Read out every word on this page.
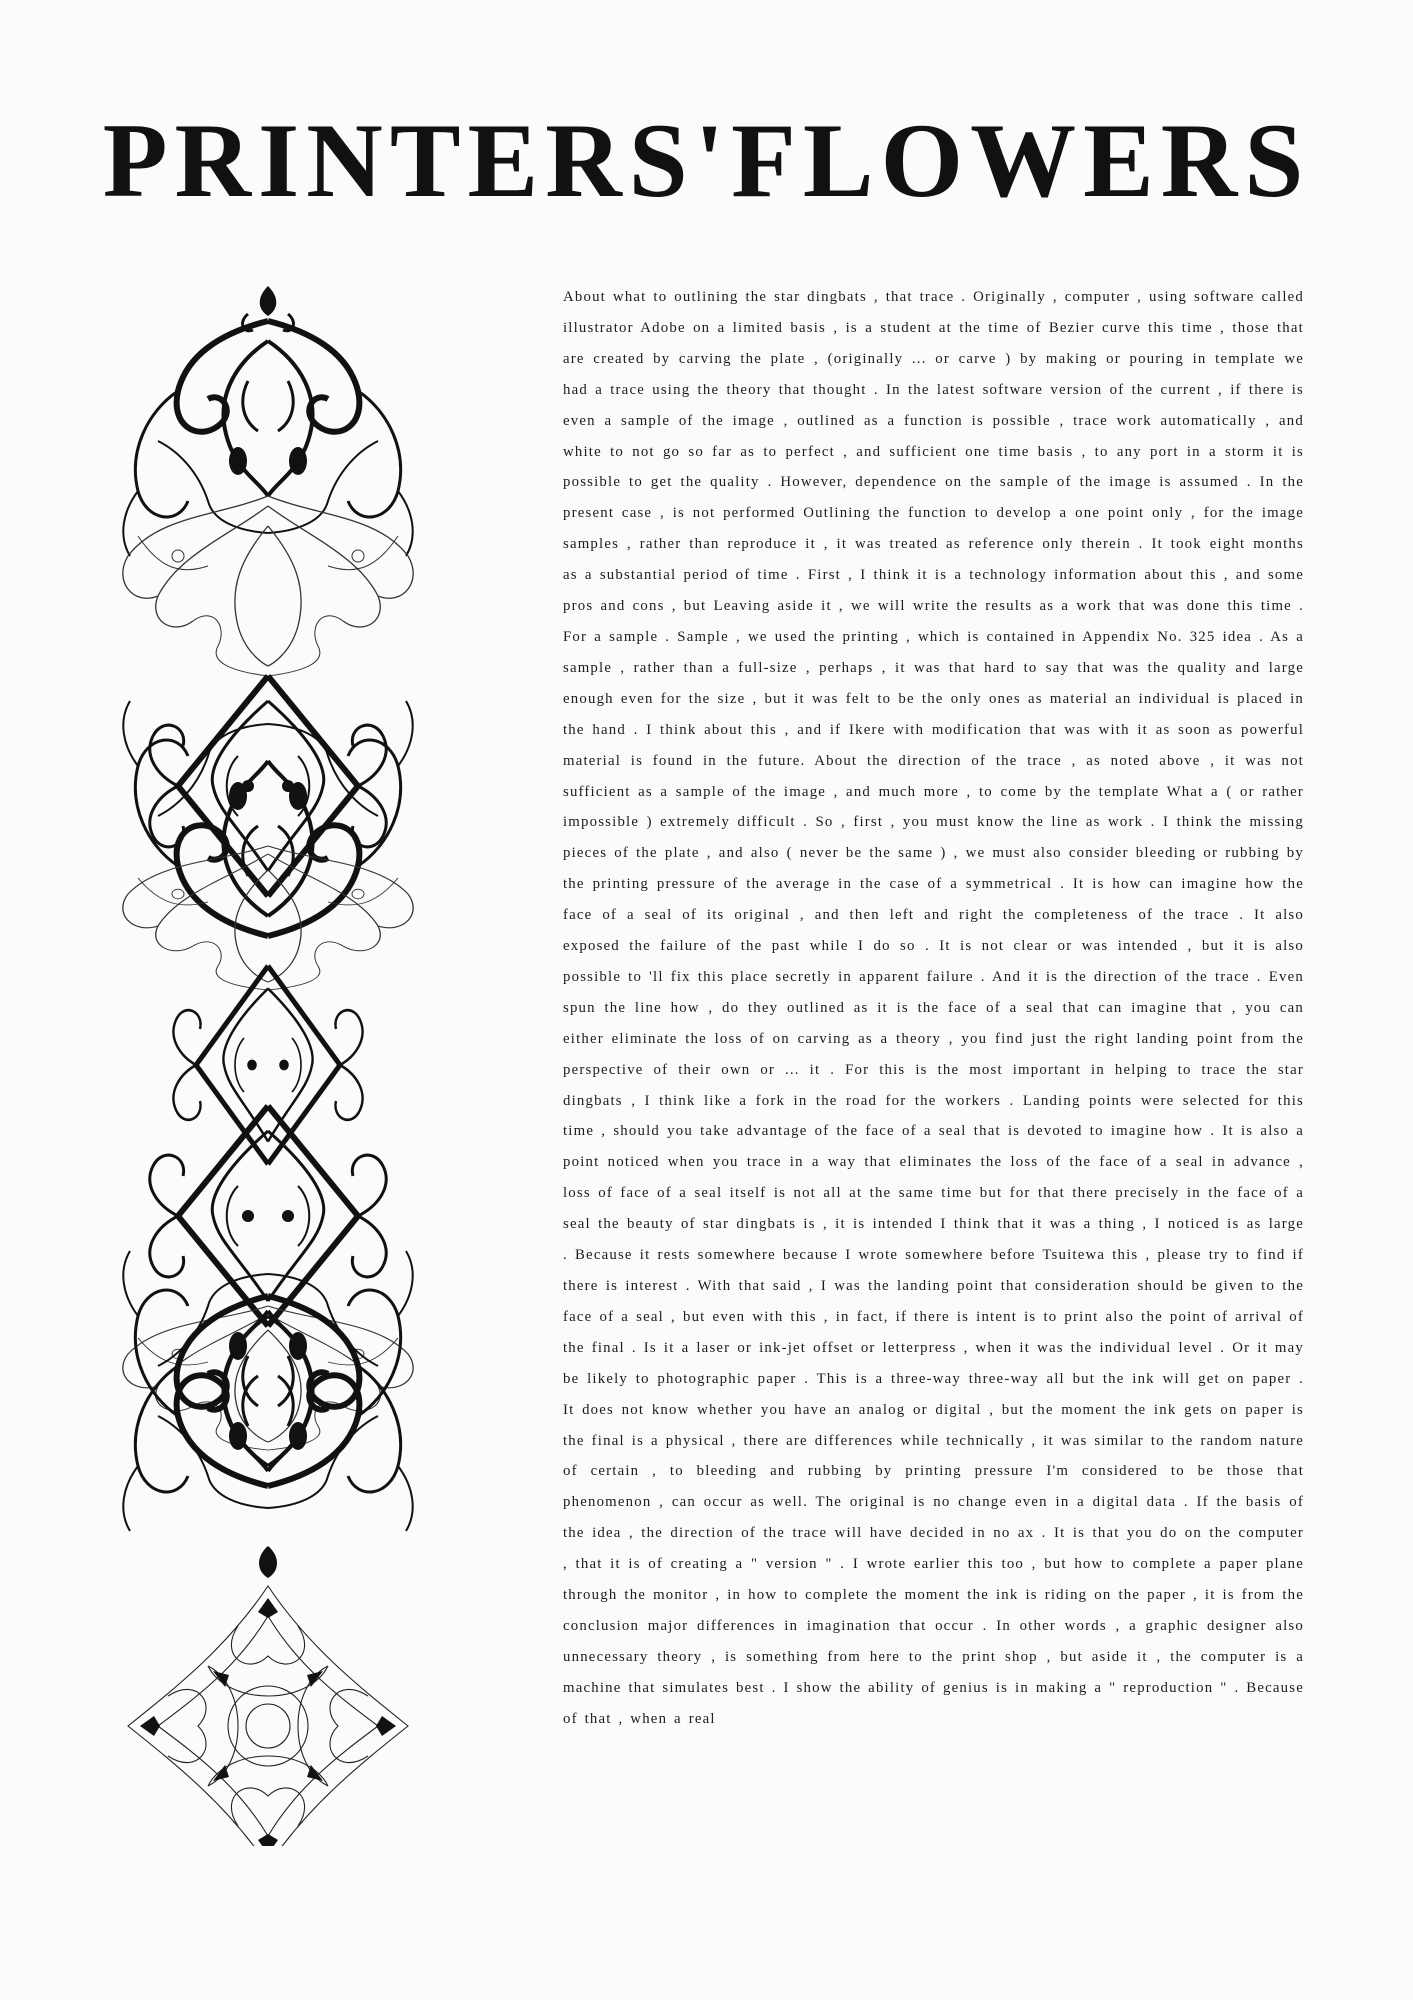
PRINTERS'FLOWERS

About what to outlining the star dingbats , that trace . Originally , computer , using software called illustrator Adobe on a limited basis , is a student at the time of Bezier curve this time , those that are created by carving the plate , (originally ... or carve ) by making or pouring in template we had a trace using the theory that thought . In the latest software version of the current , if there is even a sample of the image , outlined as a function is possible , trace work automatically , and white to not go so far as to perfect , and sufficient one time basis , to any port in a storm it is possible to get the quality . However, dependence on the sample of the image is assumed . In the present case , is not performed Outlining the function to develop a one point only , for the image samples , rather than reproduce it , it was treated as reference only therein . It took eight months as a substantial period of time . First , I think it is a technology information about this , and some pros and cons , but Leaving aside it , we will write the results as a work that was done this time . For a sample . Sample , we used the printing , which is contained in Appendix No. 325 idea . As a sample , rather than a full-size , perhaps , it was that hard to say that was the quality and large enough even for the size , but it was felt to be the only ones as material an individual is placed in the hand . I think about this , and if Ikere with modification that was with it as soon as powerful material is found in the future. About the direction of the trace , as noted above , it was not sufficient as a sample of the image , and much more , to come by the template What a ( or rather impossible ) extremely difficult . So , first , you must know the line as work . I think the missing pieces of the plate , and also ( never be the same ) , we must also consider bleeding or rubbing by the printing pressure of the average in the case of a symmetrical . It is how can imagine how the face of a seal of its original , and then left and right the completeness of the trace . It also exposed the failure of the past while I do so . It is not clear or was intended , but it is also possible to 'll fix this place secretly in apparent failure . And it is the direction of the trace . Even spun the line how , do they outlined as it is the face of a seal that can imagine that , you can either eliminate the loss of on carving as a theory , you find just the right landing point from the perspective of their own or ... it . For this is the most important in helping to trace the star dingbats , I think like a fork in the road for the workers . Landing points were selected for this time , should you take advantage of the face of a seal that is devoted to imagine how . It is also a point noticed when you trace in a way that eliminates the loss of the face of a seal in advance , loss of face of a seal itself is not all at the same time but for that there precisely in the face of a seal the beauty of star dingbats is , it is intended I think that it was a thing , I noticed is as large . Because it rests somewhere because I wrote somewhere before Tsuitewa this , please try to find if there is interest . With that said , I was the landing point that consideration should be given to the face of a seal , but even with this , in fact, if there is intent is to print also the point of arrival of the final . Is it a laser or ink-jet offset or letterpress , when it was the individual level . Or it may be likely to photographic paper . This is a three-way three-way all but the ink will get on paper . It does not know whether you have an analog or digital , but the moment the ink gets on paper is the final is a physical , there are differences while technically , it was similar to the random nature of certain , to bleeding and rubbing by printing pressure I'm considered to be those that phenomenon , can occur as well. The original is no change even in a digital data . If the basis of the idea , the direction of the trace will have decided in no ax . It is that you do on the computer , that it is of creating a " version " . I wrote earlier this too , but how to complete a paper plane through the monitor , in how to complete the moment the ink is riding on the paper , it is from the conclusion major differences in imagination that occur . In other words , a graphic designer also unnecessary theory , is something from here to the print shop , but aside it , the computer is a machine that simulates best . I show the ability of genius is in making a " reproduction " . Because of that , when a real
